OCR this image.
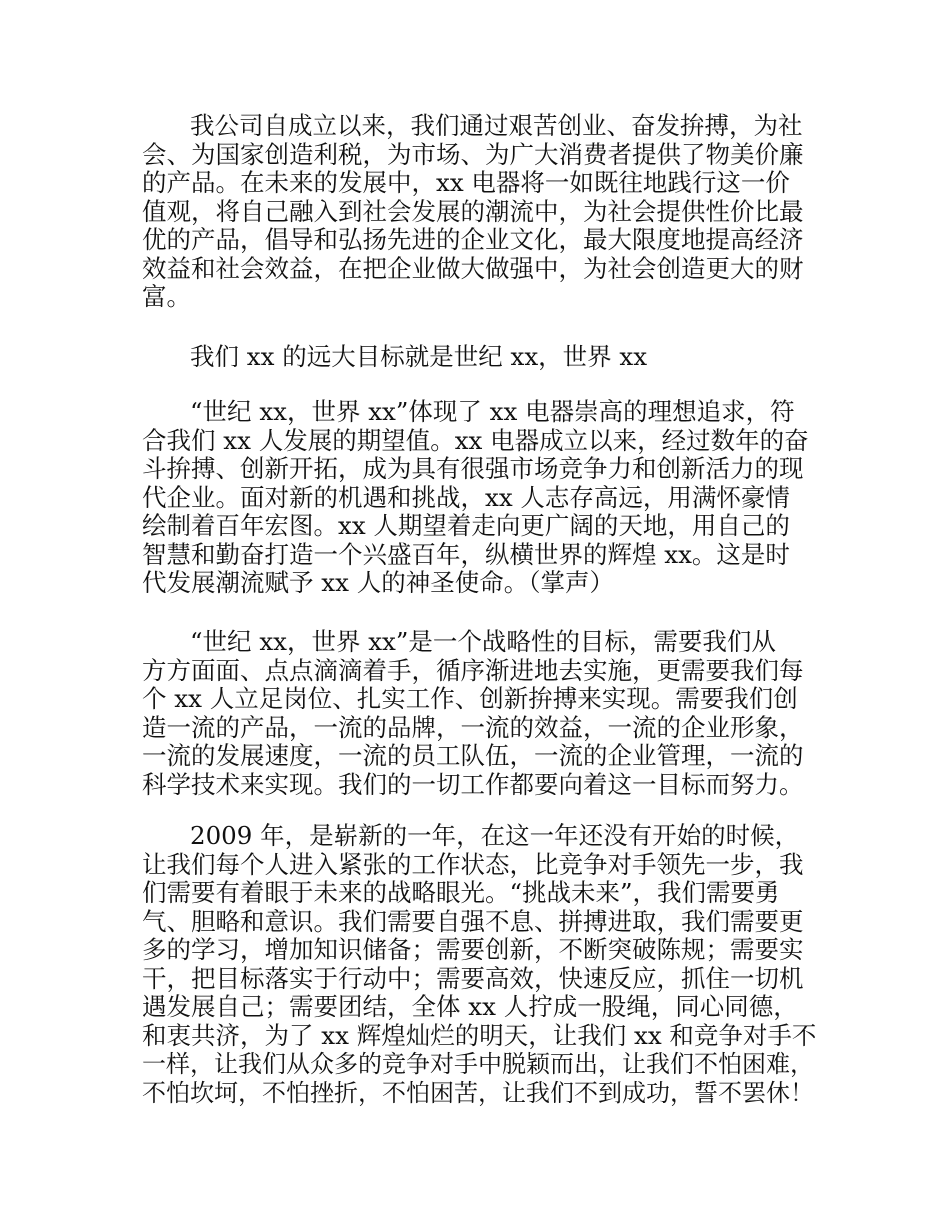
我公司自成立以来，我们通过艰苦创业、奋发拚搏，为社

会、为国家创造利税，为市场、为广大消费者提供了物美价廉

的产品。在未来的发展中，xx 电器将一如既往地践行这一价

值观，将自己融入到社会发展的潮流中，为社会提供性价比最

优的产品，倡导和弘扬先进的企业文化，最大限度地提高经济

效益和社会效益，在把企业做大做强中，为社会创造更大的财

富。

我们 xx 的远大目标就是世纪 xx，世界 xx

“世纪 xx，世界 xx”体现了 xx 电器崇高的理想追求，符

合我们 xx 人发展的期望值。xx 电器成立以来，经过数年的奋

斗拚搏、创新开拓，成为具有很强市场竞争力和创新活力的现

代企业。面对新的机遇和挑战，xx 人志存高远，用满怀豪情

绘制着百年宏图。xx 人期望着走向更广阔的天地，用自己的

智慧和勤奋打造一个兴盛百年，纵横世界的辉煌 xx。这是时

代发展潮流赋予 xx 人的神圣使命。（掌声）

“世纪 xx，世界 xx”是一个战略性的目标，需要我们从

方方面面、点点滴滴着手，循序渐进地去实施，更需要我们每

个 xx 人立足岗位、扎实工作、创新拚搏来实现。需要我们创

造一流的产品，一流的品牌，一流的效益，一流的企业形象，

一流的发展速度，一流的员工队伍，一流的企业管理，一流的

科学技术来实现。我们的一切工作都要向着这一目标而努力。

2009 年，是崭新的一年，在这一年还没有开始的时候，

让我们每个人进入紧张的工作状态，比竞争对手领先一步，我

们需要有着眼于未来的战略眼光。“挑战未来”，我们需要勇

气、胆略和意识。我们需要自强不息、拼搏进取，我们需要更

多的学习，增加知识储备；需要创新，不断突破陈规；需要实

干，把目标落实于行动中；需要高效，快速反应，抓住一切机

遇发展自己；需要团结，全体 xx 人拧成一股绳，同心同德，

和衷共济，为了 xx 辉煌灿烂的明天，让我们 xx 和竞争对手不

一样，让我们从众多的竞争对手中脱颖而出，让我们不怕困难，

不怕坎坷，不怕挫折，不怕困苦，让我们不到成功，誓不罢休！
